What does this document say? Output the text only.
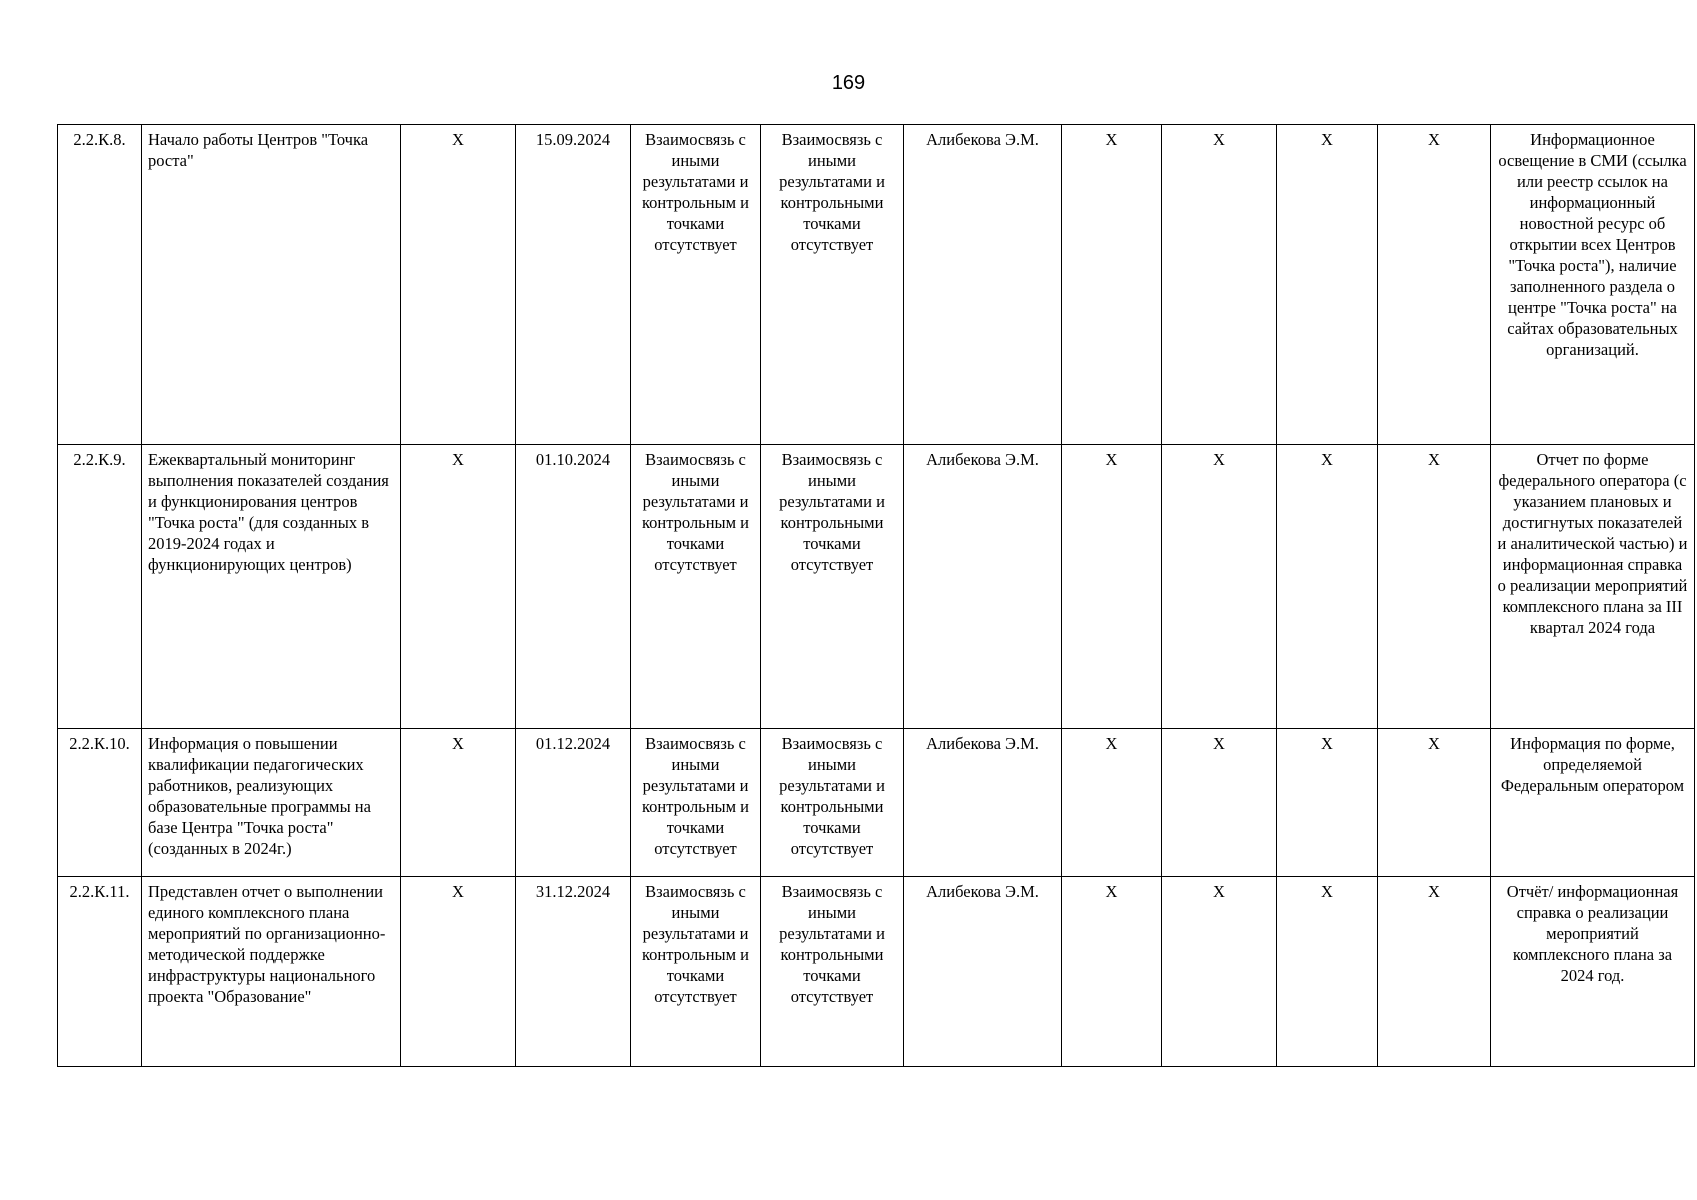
169
2.2.К.8.	Начало работы Центров "Точка роста"	Х	15.09.2024	Взаимосвязь с иными результатами и контрольным и точками отсутствует	Взаимосвязь с иными результатами и контрольными точками отсутствует	Алибекова Э.М.	Х	Х	Х	Х	Информационное освещение в СМИ (ссылка или реестр ссылок на информационный новостной ресурс об открытии всех Центров "Точка роста"), наличие заполненного раздела о центре "Точка роста" на сайтах образовательных организаций.
2.2.К.9.	Ежеквартальный мониторинг выполнения показателей создания и функционирования центров "Точка роста" (для созданных в 2019-2024 годах и функционирующих центров)	Х	01.10.2024	Взаимосвязь с иными результатами и контрольным и точками отсутствует	Взаимосвязь с иными результатами и контрольными точками отсутствует	Алибекова Э.М.	Х	Х	Х	Х	Отчет по форме федерального оператора (с указанием плановых и достигнутых показателей и аналитической частью) и информационная справка о реализации мероприятий комплексного плана за III квартал 2024 года
2.2.К.10.	Информация о повышении квалификации педагогических работников, реализующих образовательные программы на базе Центра "Точка роста" (созданных в 2024г.)	Х	01.12.2024	Взаимосвязь с иными результатами и контрольным и точками отсутствует	Взаимосвязь с иными результатами и контрольными точками отсутствует	Алибекова Э.М.	Х	Х	Х	Х	Информация по форме, определяемой Федеральным оператором
2.2.К.11.	Представлен отчет о выполнении единого комплексного плана мероприятий по организационно-методической поддержке инфраструктуры национального проекта "Образование"	Х	31.12.2024	Взаимосвязь с иными результатами и контрольным и точками отсутствует	Взаимосвязь с иными результатами и контрольными точками отсутствует	Алибекова Э.М.	Х	Х	Х	Х	Отчёт/ информационная справка о реализации мероприятий комплексного плана за 2024 год.
